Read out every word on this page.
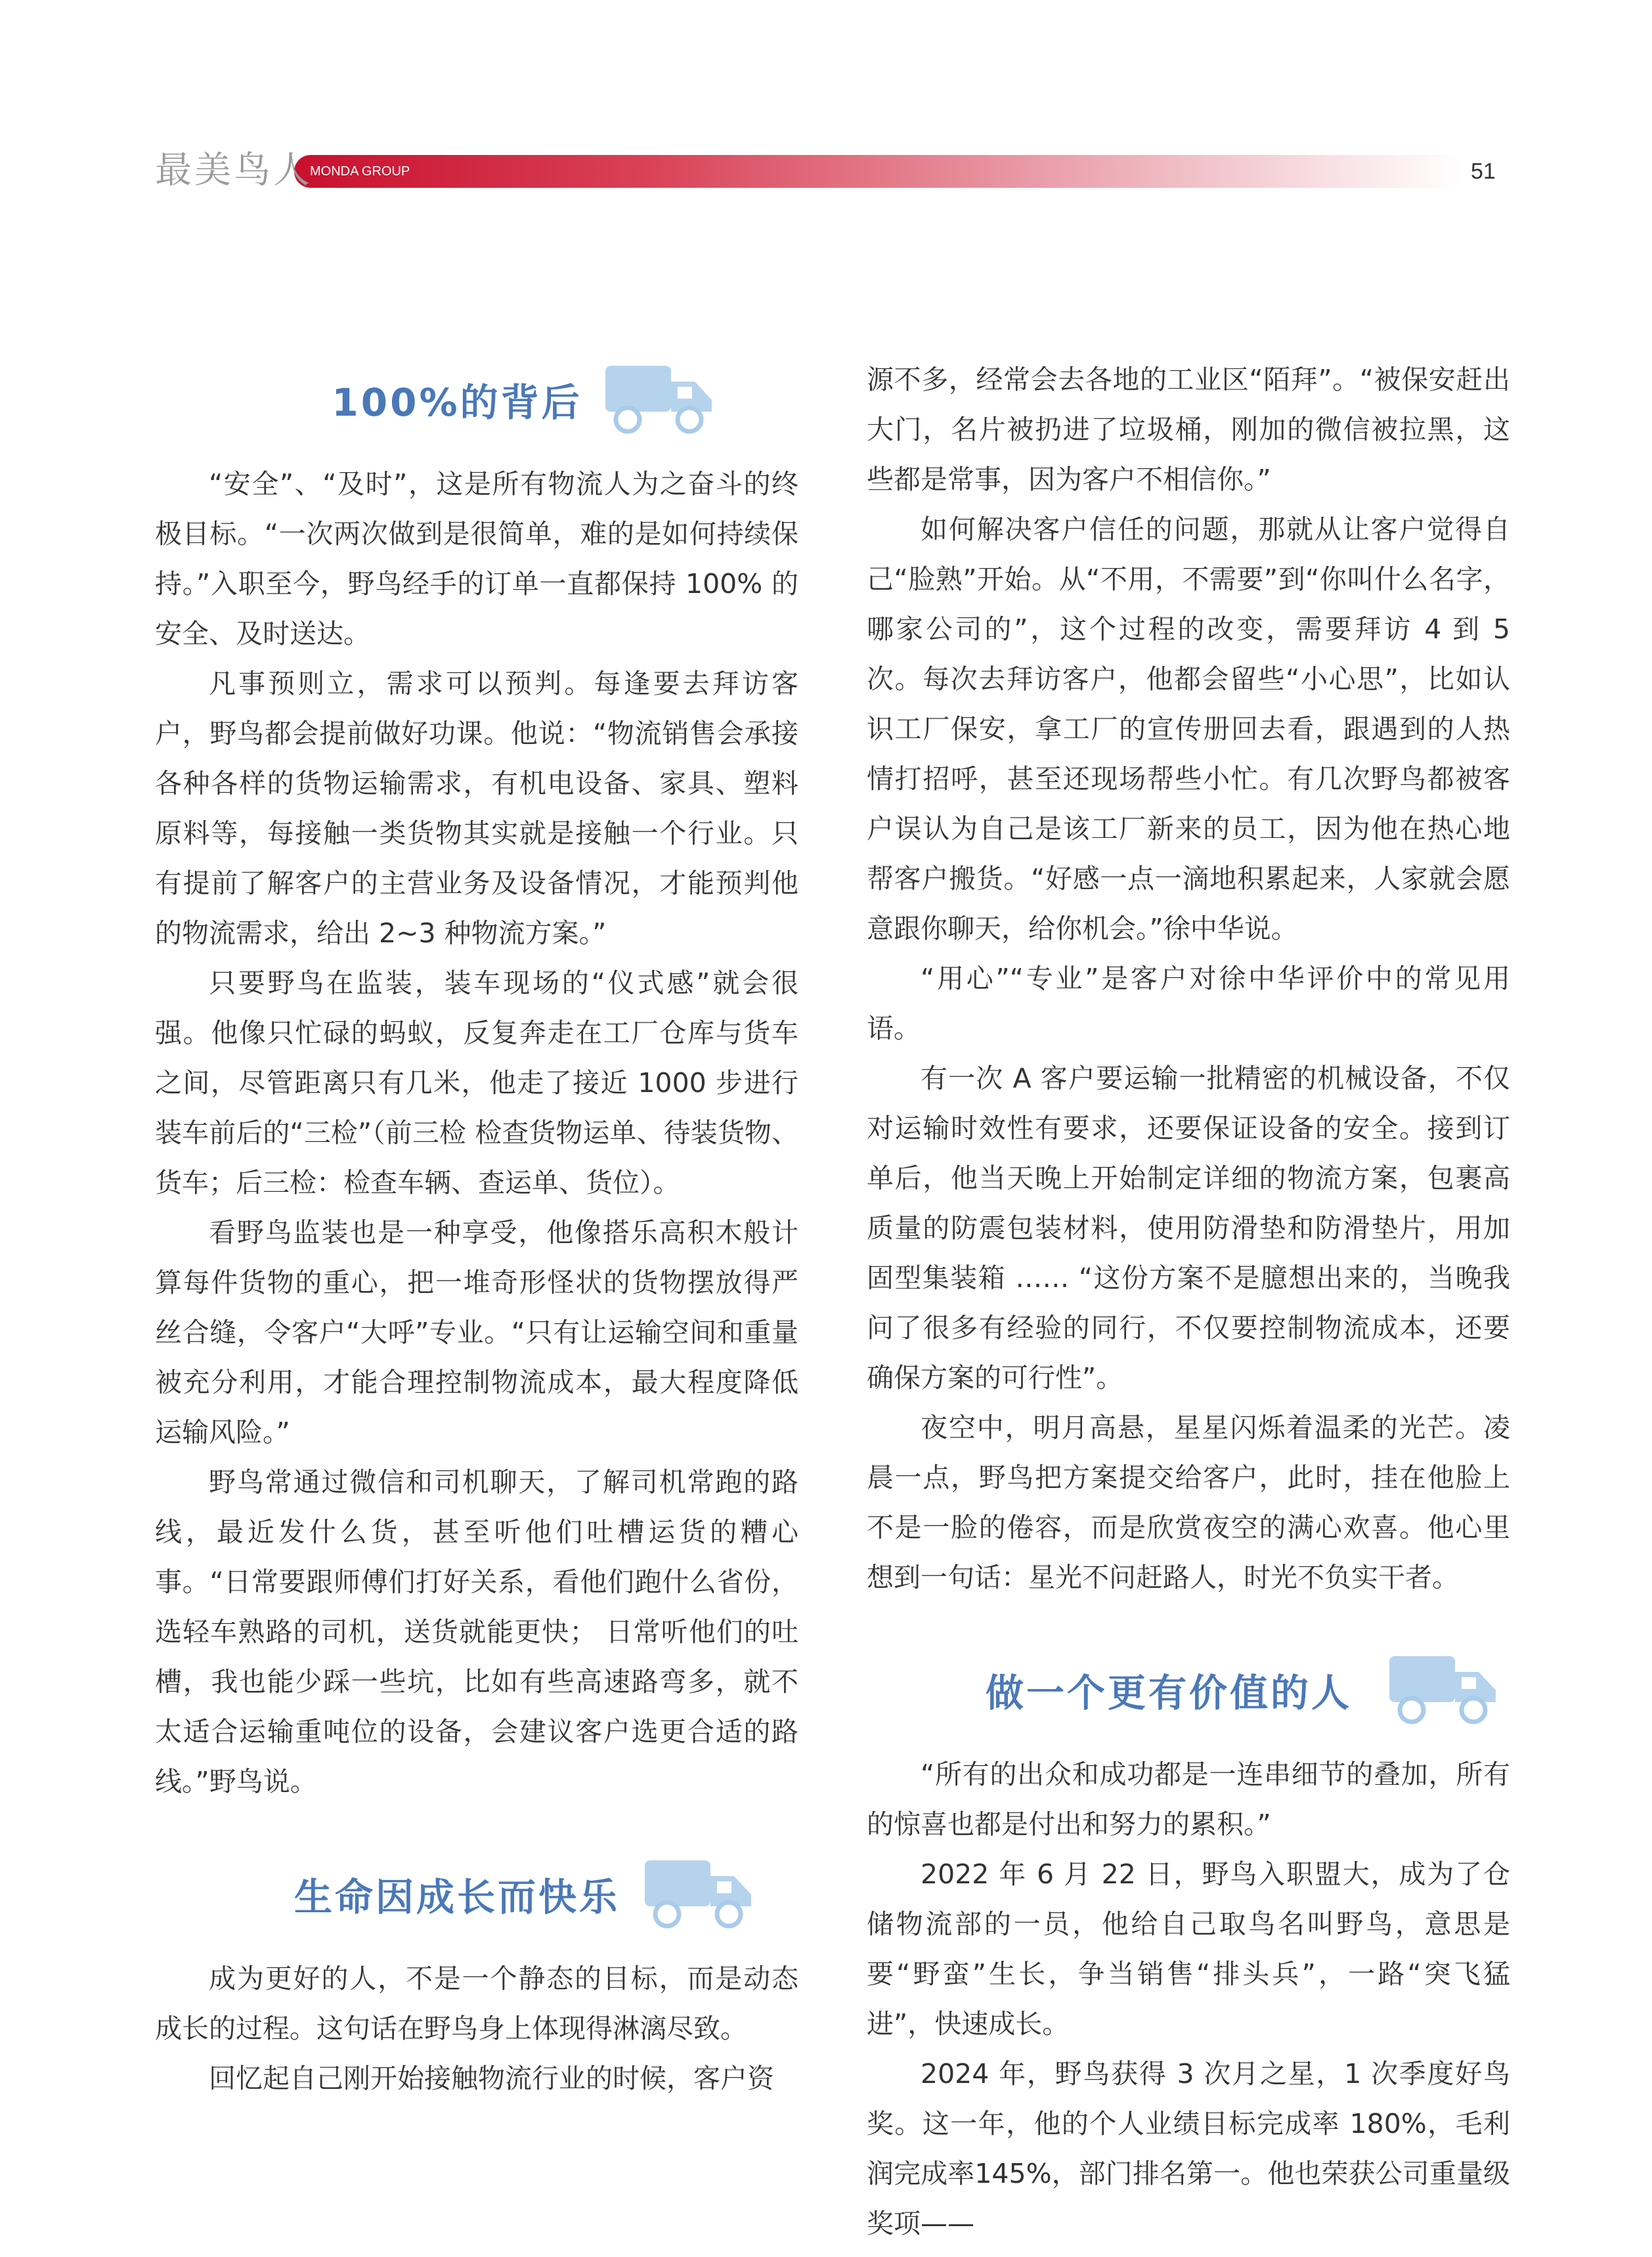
最美鸟人
MONDA GROUP	51
100%的背后

“安全”、“及时”，这是所有物流人为之奋斗的终极目标。“一次两次做到是很简单，难的是如何持续保持。”入职至今，野鸟经手的订单一直都保持 100% 的安全、及时送达。

凡事预则立，需求可以预判。每逢要去拜访客户，野鸟都会提前做好功课。他说：“物流销售会承接各种各样的货物运输需求，有机电设备、家具、塑料原料等，每接触一类货物其实就是接触一个行业。只有提前了解客户的主营业务及设备情况，才能预判他的物流需求，给出 2~3 种物流方案。”

只要野鸟在监装，装车现场的“仪式感”就会很强。他像只忙碌的蚂蚁，反复奔走在工厂仓库与货车之间，尽管距离只有几米，他走了接近 1000 步进行装车前后的“三检”（前三检 检查货物运单、待装货物、货车；后三检：检查车辆、查运单、货位）。

看野鸟监装也是一种享受，他像搭乐高积木般计算每件货物的重心，把一堆奇形怪状的货物摆放得严丝合缝，令客户“大呼”专业。“只有让运输空间和重量被充分利用，才能合理控制物流成本，最大程度降低运输风险。”

野鸟常通过微信和司机聊天，了解司机常跑的路线，最近发什么货，甚至听他们吐槽运货的糟心事。“日常要跟师傅们打好关系，看他们跑什么省份，选轻车熟路的司机，送货就能更快； 日常听他们的吐槽，我也能少踩一些坑，比如有些高速路弯多，就不太适合运输重吨位的设备，会建议客户选更合适的路线。”野鸟说。

生命因成长而快乐

成为更好的人，不是一个静态的目标，而是动态成长的过程。这句话在野鸟身上体现得淋漓尽致。

回忆起自己刚开始接触物流行业的时候，客户资

源不多，经常会去各地的工业区“陌拜”。“被保安赶出大门，名片被扔进了垃圾桶，刚加的微信被拉黑，这些都是常事，因为客户不相信你。”

如何解决客户信任的问题，那就从让客户觉得自己“脸熟”开始。从“不用，不需要”到“你叫什么名字，哪家公司的”，这个过程的改变，需要拜访 4 到 5 次。每次去拜访客户，他都会留些“小心思”，比如认识工厂保安，拿工厂的宣传册回去看，跟遇到的人热情打招呼，甚至还现场帮些小忙。有几次野鸟都被客户误认为自己是该工厂新来的员工，因为他在热心地帮客户搬货。“好感一点一滴地积累起来，人家就会愿意跟你聊天，给你机会。”徐中华说。

“用心”“专业”是客户对徐中华评价中的常见用语。

有一次 A 客户要运输一批精密的机械设备，不仅对运输时效性有要求，还要保证设备的安全。接到订单后，他当天晚上开始制定详细的物流方案，包裹高质量的防震包装材料，使用防滑垫和防滑垫片，用加固型集装箱 …… “这份方案不是臆想出来的，当晚我问了很多有经验的同行，不仅要控制物流成本，还要确保方案的可行性”。

夜空中，明月高悬，星星闪烁着温柔的光芒。凌晨一点，野鸟把方案提交给客户，此时，挂在他脸上不是一脸的倦容，而是欣赏夜空的满心欢喜。他心里想到一句话：星光不问赶路人，时光不负实干者。

做一个更有价值的人

“所有的出众和成功都是一连串细节的叠加，所有的惊喜也都是付出和努力的累积。”

2022 年 6 月 22 日，野鸟入职盟大，成为了仓储物流部的一员，他给自己取鸟名叫野鸟，意思是要“野蛮”生长，争当销售“排头兵”，一路“突飞猛进”，快速成长。

2024 年，野鸟获得 3 次月之星，1 次季度好鸟奖。这一年，他的个人业绩目标完成率 180%，毛利润完成率145%，部门排名第一。他也荣获公司重量级奖项——
